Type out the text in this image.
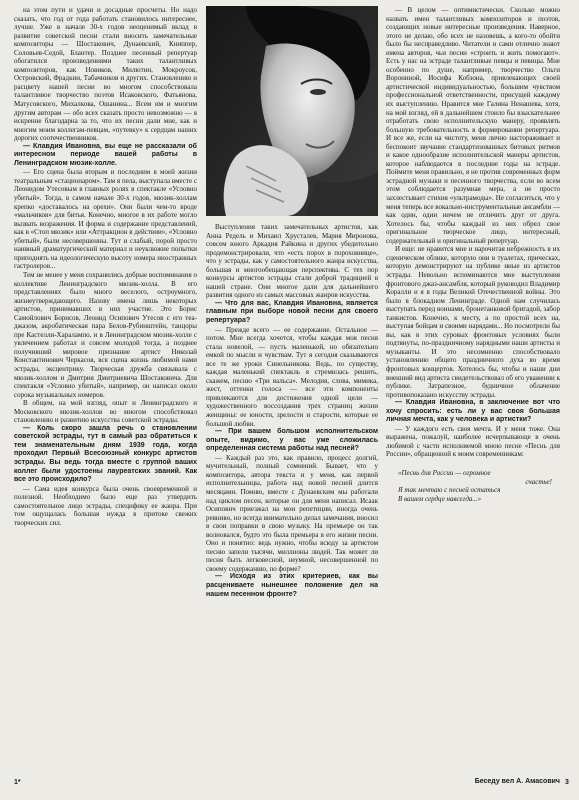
на этом пути и удачи и досадные просчеты. Но надо сказать, что год от года работать становилось интереснее, лучше. Уже в начале 30-х годов неоценимый вклад в развитие советской песни стали вносить замечательные композиторы — Шостакович, Дунаевский, Книппер, Соловьев-Седой, Блантер. Позднее песенный репертуар обогатился произведениями таких талантливых композиторов, как Новиков, Милютин, Мокроусов, Островский, Фрадкин, Табачников и других. Становлению и расцвету нашей песни во многом способствовала талантливое творчество поэтов Исаковского, Фатьянова, Матусовского, Михалкова, Ошанина... Всем им и многим другим авторам — обо всех сказать просто невозможно — я искренне благодарна за то, что их песни дали мне, как и многим моим коллегам-певцам, «путевку» к сердцам наших дорогих соотечественников.

— Клавдия Ивановна, вы еще не рассказали об интересном периоде вашей работы в Ленинградском мюзик-холле.

— Его сцена была вторым и последним в моей жизни театральным «стационаром». Там я пела, выступала вместе с Леонидом Утесовым в главных ролях в спектакле «Условно убитый». Тогда, в самом начале 30-х годов, мюзик-холлам крепко «доставалось на орехи». Они были чем-то вроде «мальчиков» для битья. Конечно, многое в их работе могло вызвать возражения. И форма и содержание представлений, как в «Стоп мюзик» или «Аттракцион в действии», «Условно убитый», были несовершенны. Тут и слабый, порой просто наивный драматургический материал и неуклюжие попытки приподнять на идеологическую высоту номера иностранных гастролеров...

Тем не менее у меня сохранились добрые воспоминания о коллективе Ленинградского мюзик-холла. В его представлениях было много веселого, остроумного, жизнеутверждающего. Назову имена лишь некоторых артистов, принимавших в них участие. Это Борис Самойлович Борисов, Леонид Осипович Утесов с его теа-джазом, акробатическая пара Белов-Рубинштейн, танцоры пре Кастелли-Харалампо, и в Ленинградском мюзик-холле с увлечением работал и совсем молодой тогда, а позднее получивший мировое признание артист Николай Константинович Черкасов, вся сцена жизнь любимой нами эстрады, эксцентрику. Творческая дружба связывала с мюзик-холлом и Дмитрия Дмитриевича Шостаковича. Для спектакля «Условно убитый», например, он написал около сорока музыкальных номеров.

В общем, на мой взгляд, опыт и Ленинградского и Московского мюзик-холлов во многом способствовал становлению и развитию искусства советской эстрады.

— Коль скоро зашла речь о становлении советской эстрады, тут в самый раз обратиться к тем знаменательным дням 1939 года, когда проходил Первый Всесоюзный конкурс артистов эстрады. Вы ведь тогда вместе с группой ваших коллег были удостоены лауреатских званий. Как все это происходило?

— Сама идея конкурса была очень своевременной и полезной. Необходимо было еще раз утвердить самостоятельное лицо эстрады, специфику ее жанра. При том ощущалась большая нужда в притоке свежих творческих сил.

Выступления таких замечательных артистов, как Анна Редель и Михаил Хрусталев, Мария Миронова, совсем юного Аркадия Райкина и других убедительно продемонстрировали, что «есть порох в пороховнице», что у эстрады, как у самостоятельного жанра искусства, большая и многообещающая перспектива. С тех пор конкурсы артистов эстрады стали доброй традицией в нашей стране. Они многое дали для дальнейшего развития одного из самых массовых жанров искусства.

— Что для вас, Клавдия Ивановна, является главным при выборе новой песни для своего репертуара?

— Прежде всего — ее содержание. Остальное — потом. Мне всегда хочется, чтобы каждая моя песня стала новелой, — пусть маленькой, но обязательно емкой по мысли и чувствам. Тут я сегодня сказываются все те же уроки Синельникова. Ведь, по существу, каждая маленький спектакль я стремилась решить, скажем, песню «Три вальса». Мелодия, слова, мимика, жест, оттенки голоса — все эти компоненты привлекаются для достижения одной цели — художественного воссоздания трех страниц жизни женщины: ее юности, зрелости и старости, которые ее большой любви.

— При вашем большом исполнительском опыте, видимо, у вас уже сложилась определенная система работы над песней?

— Каждый раз это, как правило, процесс долгий, мучительный, полный сомнений. Бывает, что у композитора, автора текста и у меня, как первой исполнительницы, работа над новой песней длится месяцами. Помню, вместе с Дунаевским мы работали над циклом песен, которые он для меня написал. Исаак Осипович приезжал на мои репетиции, иногда очень ревниво, но всегда внимательно делал замечания, вносил в свои поправки в свою музыку. На премьере он так волновался, будто это была премьера в его жизни песни. Оно и понятно: ведь нужно, чтобы всюду за артистом песню запели тысячи, миллионы людей. Так может ли песня быть легковесной, неумной, несовершенной по своему содержанию, по форме?

— Исходя из этих критериев, как вы расцениваете нынешнее положение дел на нашем песенном фронте?

— В целом — оптимистически. Сколько можно назвать имен талантливых композиторов и поэтов, создающих новые интересные произведения. Наверное, этого не делаю, обо всех не назовешь, а кого-то обойти было бы несправедливо. Читатели и сами отлично знают имена авторов, чьи песни «строить и жить помогают». Есть у нас на эстраде талантливые певцы и певицы. Мне особенно по душе, например, творчество Ольги Ворониной, Иосифа Кобзона, привлекающих своей артистической индивидуальностью, большим чувством профессиональной ответственности, присущей каждому их выступлению. Нравится мне Галина Ненашева, хотя, на мой взгляд, ей в дальнейшем стоило бы взыскательнее отработать свою исполнительскую манеру, проявлять большую требовательность в формировании репертуара. И все же, если на чистоту, меня лично настораживает и беспокоит звучание стандартизованных битовых ритмов и какое однообразие исполнительской манеры артистов, которое наблюдается в последние годы на эстраде. Поймите меня правильно, я не против современных форм эстрадной музыки и песенного творчества, если во всем этом соблюдается разумная мера, а не просто захлестывает стихия «ультрамоды». Не согласиться, что у меня теперь все вокально-инструментальные ансамбли — как один, один ничем не отличить друг от друга. Хотелось бы, чтобы каждый из них обрел свое оригинальное творческое лицо, интересный, содержательный и оригинальный репертуар.

И еще: не нравится мне и нарочитая небрежность в их сценическом облике, которую они в туалетах, прическах, которую демонстрируют на публике иные из артистов эстрады. Невольно вспоминаются мне выступления фронтового джаз-ансамбля, который руководил Владимир Коралли и я в годы Великой Отечественной войны. Это было в блокадном Ленинграде. Одной нам случилась выступать перед воинами, бронетанковой бригадой, забор танкистов. Конечно, к месту, а по простой всех на, выступая бойцам и своими нарядами... Но посмотрели бы вы, как в этих суровых фронтовых условиях были подтянуты, по-праздничному нарядными наши артисты и музыканты. И это несомненно способствовало установлению общего праздничного духа во время фронтовых концертов. Хотелось бы, чтобы и наши дни внешний вид артиста свидетельствовал об его уважении к публике. Затрапезное, будничное облачение противопоказано искусству эстрады.

— Клавдия Ивановна, в заключение вот что хочу спросить: есть ли у вас своя большая личная мечта, как у человека и артистки?

— У каждого есть своя мечта. И у меня тоже. Она выражена, пожалуй, наиболее исчерпывающе в очень любимой с части исполняемой мною песне «Песнь для России», обращенной к моим современникам:

«Песнь для России — огромное
счастье!
Я так мечтаю с песней остаться
В вашем сердце навсегда...»
Беседу вел А. Амасович
1*	3
